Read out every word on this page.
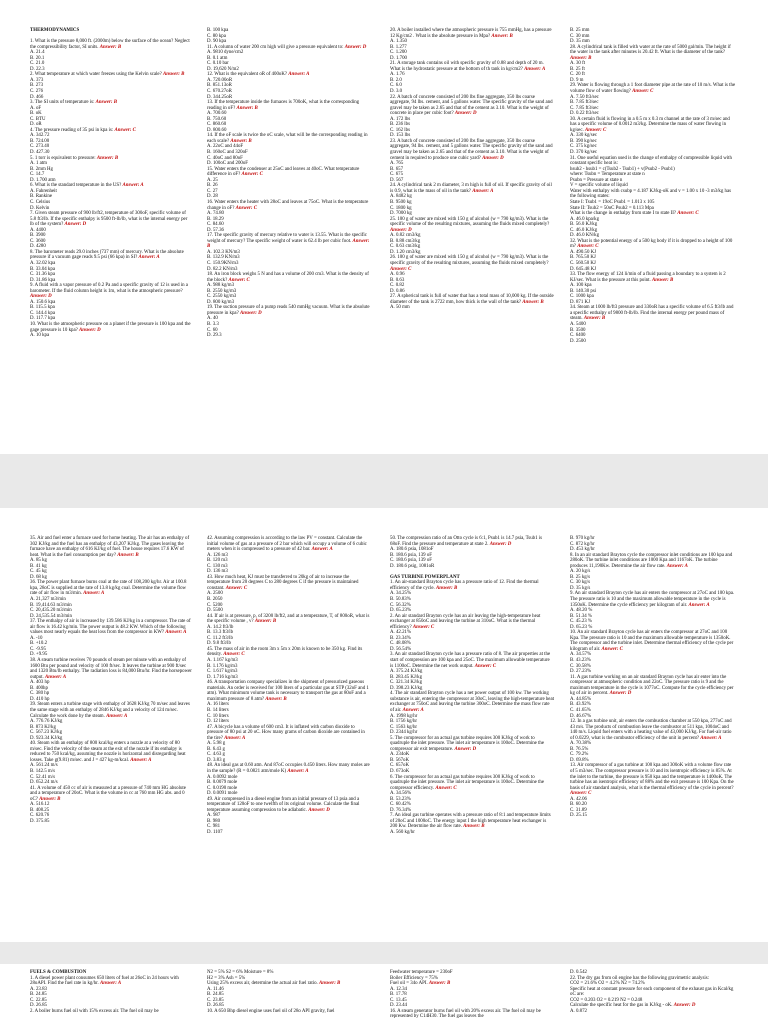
THERMODYNAMICS

1. What is the pressure 8,000 ft. (2000m) below the surface of the ocean? Neglect the compressibility factor, SI units. Answer: B

A. 21.4

B. 20.1

C. 21.0

D. 22.3

2. What temperature at which water freezes using the Kelvin scale? Answer: B

A. 373

B. 273

C. 276

D. 466

3. The SI units of temperature is: Answer: B

A. oF

B. oK

C. BTU

D. oR

4. The pressure reading of 35 psi in kpa is: Answer: C

A. 342.72

B. 724.00

C. 273.40

D. 427.30

5. 1 torr is equivalent to pressure: Answer: B

A. 1 atm

B. 2mm Hg

C. 14.7

D. 1.700 atm

6. What is the standard temperature in the US? Answer: A

A. Fahrenheit

B. Rankine

C. Celsius

D. Kelvin

7. Given steam pressure of 900 lb/ft2, temperature of 300oF, specific volume of 5.8 ft3/lb. If the specific enthalpy is 9500 ft-lb/lb, what is the internal energy per lb of the system? Answer: D

A. 4400

B. 3900

C. 3600

D. 4280

8. The barometer reads 29.0 inches (737 mm) of mercury. What is the absolute pressure if a vacuum gage reads 9.5 psi (66 kpa) in SI? Answer: A

A. 32.02 kpa

B. 33.04 kpa

C. 31.36 kpa

D. 31.86 kpa

9. A fluid with a vapor pressure of 0.2 Pa and a specific gravity of 12 is used in a barometer. If the fluid column height is 1m, what is the atmospheric pressure? Answer: D

A. 150.6 kpa

B. 115.5 kpa

C. 144.4 kpa

D. 117.7 kpa

10. What is the atmospheric pressure on a planet if the pressure is 100 kpa and the gage pressure is 10 kpa? Answer: D

A. 10 kpa

B. 100 kpa

C. 80 kpa

D. 90 kpa

11. A column of water 200 cm high will give a pressure equivalent to: Answer: D

A. 9810 dyne/cm2

B. 0.1 atm

C. 0.10 bar

D. 19,620 N/m2

12. What is the equivalent oR of 400oK? Answer: A

A. 720.00oR

B. 851.13oR

C. 670.27oR

D. 344.25oR

13. If the temperature inside the furnaces is 700oK, what is the corresponding reading in oF? Answer: B

A. 700.60

B. 750.60

C. 860.60

D. 800.60

14. If the oF scale is twice the oC scale, what will be the corresponding reading in each scale? Answer: B

A. 22oC and 44oF

B. 160oC and 320oF

C. 40oC and 80oF

D. 100oC and 200oF

15. Water enters the condenser at 25oC and leaves at 40oC. What temperature difference in oF? Answer: C

A. 25

B. 26

C. 27

D. 28

16. Water enters the heater with 28oC and leaves at 75oC. What is the temperature change in oF? Answer: C

A. 74.80

B. 18.29

C. 84.60

D. 57.36

17. The specific gravity of mercury relative to water is 13.55. What is the specific weight of mercury? The specific weight of water is 62.4 lb per cubic foot. Answer: B

A. 102.3 KN/m3

B. 132.9 KN/m3

C. 150.9KN/m3

D. 82.2 KN/m3

18. An iron block weighs 5 N and has a volume of 200 cm3. What is the density of the block? Answer: C

A. 988 kg/m3

B. 2550 kg/m3

C. 2550 kg/m3

D. 800 kg/m3

19. The suction pressure of a pump reads 540 mmHg vacuum. What is the absolute pressure in kpa? Answer: D

A. 40

B. 3.3

C. 60

D. 29.3

20. A boiler installed where the atmospheric pressure is 755 mmHg, has a pressure 12 Kg/cm2 . What is the absolute pressure in Mpa? Answer: B

A. 1.350

B. 1.277

C. 1.200

D. 1.700

21. A storage tank contains oil with specific gravity of 0.88 and depth of 20 m. What is the hydrostatic pressure at the bottom of th tank in kg/cm2? Answer: A

A. 1.76

B. 2.0

C. 6.0

D. 3.0

22. A batch of concrete consisted of 200 lbs fine aggregate, 350 lbs coarse aggregate, 94 lbs. cement, and 5 gallons water. The specific gravity of the sand and gravel may be taken as 2.65 and that of the cement as 3.10. What is the weight of concrete in place per cubic foot? Answer: D

A. 172 lbs

B. 236 lbs

C. 162 lbs

D. 153 lbs

23. A batch of concrete consisted of 200 lbs fine aggregate, 350 lbs coarse aggregate, 94 lbs. cement, and 5 gallons water. The specific gravity of the sand and gravel may be taken as 2.65 and that of the cement as 3.10. What is the weight of cement in required to produce one cubic yard? Answer: D

A. 765

B. 657

C. 675

D. 567

24. A cylindrical tank 2 m diameter, 3 m high is full of oil. If specific gravity of oil is 0.9, what is the mass of oil in the tank? Answer: A

A. 8482 kg

B. 9500 kg

C. 1800 kg

D. 7000 kg

25. 100 g of water are mixed with 150 g of alcohol (w = 790 kg/m3). What is the specific volume of the resulting mixtures, assuming the fluids mixed completely? Answer: D

A. 0.82 cm3/kg

B. 0.88 cm3/kg

C. 0.63 cm3/kg

D. 1.20 cm3/kg

26. 100 g of water are mixed with 150 g of alcohol (w = 790 kg/m3). What is the specific gravity of the resulting mixtures, assuming the fluids mixed completely? Answer: C

A. 0.96

B. 0.63

C. 0.82

D. 0.86

27. A spherical tank is full of water that has a total mass of 10,000 kg. If the outside diameter of the tank is 2722 mm, how thick is the wall of the tank? Answer: B

A. 50 mm

B. 25 mm

C. 30 mm

D. 35 mm

28. A cylindrical tank is filled with water at the rate of 5000 gal/min. The height if the water in the tank after minutes is 20.42 ft. What is the diameter of the tank? Answer: B

A. 30 ft

B. 25 ft

C. 20 ft

D. 9 m

29. Water is flowing through a 1 foot diameter pipe at the rate of 10 m/s. What is the volume flow of water flowing? Answer: C

A. 7.50 ft3/sec

B. 7.85 ft3/sec

C. 7.85 ft3/sec

D. 0.22 ft3/sec

30. A certain fluid is flowing in a 0.5 m x 0.3 m channel at the rate of 3 m/sec and has a specific volume of 0.0012 m3/kg. Determine the mass of water flowing in kg/sec. Answer: C

A. 330 kg/sec

B. 390 kg/sec

C. 375 kg/sec

D. 370 kg/sec

31. One useful equation used is the change of enthalpy of compressible liquid with constant specific heat is:

hsub2 - hsub1 = c(Tsub2 - Tsub1) + v(Psub2 - Psub1)

where: Tsubn = Temperature at state n

Psubn = Pressure at state n

V = specific volume of liquid

Water with enthalpy with csubp = 4.187 KJ/kg-oK and v = 1.00 x 10 -3 m3/kg has the following states:

State I: Tsub1 = 19oC Psub1 = 1.013 x 105

State II: Tsub2 = 50oC Psub2 = 0.113 Mpa

What is the change in enthalpy from state I to state II? Answer: C

A. 46.0 kpa/kg

B. 56.0 KJ/kg

C. 46.0 KJ/kg

D. 46.0 KN/kg

32. What is the potential energy of a 500 kg body if it is dropped to a height of 100 m? Answer: C

A. 490.50 KJ

B. 765.50 KJ

C. 560.50 KJ

D. 645.48 KJ

33. The flow energy of 124 li/min of a fluid passing a boundary to a system is 2 KJ/sec. What is the pressure at this point. Answer: B

A. 100 kpa

B. 140.30 psi

C. 1000 kpa

D. 871 KJ

34. Steam at 1000 lb/ft3 pressure and 330oR has a specific volume of 6.5 ft3/lb and a specific enthalpy of 9800 ft-lb/lb. Find the internal energy per pound mass of steam. Answer: B

A. 5400

B. 3500

C. 6400

D. 2500

35. Air and fuel enter a furnace used for home heating. The air has an enthalpy of 302 KJ/kg and the fuel has an enthalpy of 43,207 KJ/kg. The gases leaving the furnace have an enthalpy of 616 KJ/kg of fuel. The house requires 17.6 KW of heat. What is the fuel consumption per day? Answer: B

A. 85 kg

B. 41 kg

C. 45 kg

D. 68 kg

36. The power plant furnace burns coal at the rate of 108,200 kg/hr. Air at 100.8 kpa, 28oC is supplied at the rate of 13.8 kg/kg coal. Determine the volume flow rate of air flow in m3/min. Answer: A

A. 21,327 m3/min

B. 19,414.63 m3/min

C. 20,435.20 m3/min

D. 24,535.54 m3/min

37. The enthalpy of air is increased by 139.586 KJ/kg in a compressor. The rate of air flow is 16.42 kg/min. The power output is 48.2 KW. Which of the following values most nearly equals the heat loss from the compressor in KW? Answer: A

A. -10

B. +10.2

C. -9.95

D. +9.95

38. A steam turbine receives 70 pounds of steam per minute with an enthalpy of 1600 Btu per pound and velocity of 100 ft/sec. It leaves the turbine at 900 ft/sec and 1320 Btu/lb enthalpy. The radiation loss is 84,000 Btu/hr. Find the horsepower output. Answer: A

A. 403 hp

B. 400hp

C. 380 hp

D. 410 hp

39. Steam enters a turbine stage with enthalpy of 3628 KJ/kg 70 m/sec and leaves the same stage with an enthalpy of 2846 KJ/kg and a velocity of 124 m/sec. Calculate the work done by the steam. Answer: A

A. 776.76 KJ/kg

B. 873 KJ/kg

C. 567.23 KJ/kg

D. 923.34 KJ/kg

40. Steam with an enthalpy of 800 kcal/kg enters a nozzle at a velocity of 80 m/sec. Find the velocity of the steam at the exit of the nozzle if its enthalpy is reduced to 750 kcal/kg, assuming the nozzle is horizontal and disregarding heat losses. Take g(9.81) m/sec. and J = 427 kg-m/kcal. Answer: A

A. 561.24 m/s

B. 142.5 m/s

C. 52.41 m/s

D. 652.24 m/s

41. A volume of 450 cc of air is measured at a pressure of 740 mm HG absolute and a temperature of 20oC. What is the volume in cc at 760 mm HG abs. and 0 oC? Answer: B

A. 516.12

B. 408.25

C. 620.76

D. 375.85

42. Assuming compression is according to the law PV = constant. Calculate the initial volume of gas at a pressure of 2 bar which will occupy a volume of 6 cubic meters when it is compressed to a pressure of 42 bar. Answer: A

A. 126 m3

B. 120 m3

C. 130 m3

D. 136 m3

43. How much heat, KJ must be transferred to 20kg of air to increase the temperature from 20 degrees C to 280 degrees C if the pressure is maintained constant. Answer: C

A. 2500

B. 2050

C. 5200

D. 5500

44. If air is at pressure, p, of 3200 lb/ft2, and at a temperature, T, of 800oR, what is the specific volume , v? Answer: B

A. 14.2 ft3/lb

B. 13.3 ft3/lb

C. 11.2 ft3/lb

D. 9.8 ft3/lb

45. The mass of air in the room 3m x 5m x 20m is known to be 350 kg. Find its density. Answer: C

A. 1.167 kg/m3

B. 1.176 kg/m3

C. 1.617 kg/m3

D. 1.716 kg/m3

46. A transportation company specializes in the shipment of pressurized gaseous materials. An order is received for 100 liters of a particular gas at STP (32oF and 1 atm). What minimum volume tank is necessary to transport the gas at 80oF and a maximum pressure of 8 atm? Answer: B

A. 16 liters

B. 14 liters

C. 10 liters

D. 12 liters

47. A bicycle has a volume of 600 cm3. It is inflated with carbon dioxide to pressure of 80 psi at 20 oC. How many grams of carbon dioxide are contained in the tire? Answer: A

A. 5.98 g

B. 6.43 g

C. 4.63 g

D. 3.83 g

48. An ideal gas at 0.60 atm. And 87oC occupies 0.450 liters. How many moles are in the sample? (R = 0.0821 atm/mole K) Answer: A

A. 0.0092 mole

B. 0.0079 mole

C. 0.0190 mole

D. 0.0091 mole

49. Air compressed in a diesel engine from an initial pressure of 13 psia and a temperature of 120oF to one twelfth of its original volume. Calculate the final temperature assuming compression to be adiabatic. Answer: D

A. 987

B. 980

C. 981

D. 1107

50. The compression ratio of an Otto cycle is 6:1, Psub1 is 14.7 psia, Tsub1 is 68oF. Find the pressure and temperature at state 2. Answer: D

A. 180.6 psia, 1081oF

B. 180.6 psia, 139 oF

C. 180.6 psia, 139 oF

D. 180.6 psig, 1081oR

GAS TURBINE POWERPLANT

1. An air-standard Brayton cycle has a pressure ratio of 12. Find the thermal efficiency of the cycle. Answer: B

A. 34.25%

B. 50.83%

C. 56.32%

D. 65.23%

2. An air standard Brayton cycle has an air leaving the high-temperature heat exchanger at 850oC and leaving the turbine at 310oC. What is the thermal efficiency? Answer: C

A. 42.21%

B. 23.34%

C. 48.08%

D. 56.54%

3. An air standard Brayton cycle has a pressure ratio of 8. The air properties at the start of compression are 100 kpa and 25oC. The maximum allowable temperature is 1100oC. Determine the net work output. Answer: C

A. 375.24 KJ/kg

B. 283.45 KJ/kg

C. 321.34 KJ/kg

D. 398.23 KJ/kg

4. The air standard Brayton cycle has a net power output of 100 kw. The working substance is air, entering the compressor at 30oC, leaving the high-temperature heat exchanger at 750oC and leaving the turbine 300oC. Determine the mass flow rate of air. Answer: A

A. 1998 kg/hr

B. 1756 kg/hr

C. 1563 kg/hr

D. 2344 kg/hr

5. The compressor for an actual gas turbine requires 300 KJ/kg of work to quadruple the inlet pressure. The inlet air temperature is 100oC. Determine the compressor air exit temperature. Answer: D

A. 234oK

B. 567oK

C. 657oK

D. 673oK

6. The compressor for an actual gas turbine requires 300 KJ/kg of work to quadruple the inlet pressure. The inlet air temperature is 100oC. Determine the compressor efficiency. Answer: C

A. 34.56%

B. 53.23%

C. 60.42%

D. 76.34%

7. An ideal gas turbine operates with a pressure ratio of 8:1 and temperature limits of 20oC and 1000oC. The energy input I the high temperature heat exchanger is 200 Kw. Determine the air flow rate. Answer: B

A. 560 kg/hr

B. 970 kg/hr

C. 872 kg/hr

D. 453 kg/hr

8. In an air standard Brayton cycle the compressor inlet conditions are 100 kpa and 280oK. The turbine inlet conditions are 1000 Kpa and 1167oK. The turbine produces 11,190Kw. Determine the air flow rate. Answer: A

A. 20 kg/s

B. 25 kg/s

C. 30 kg/s

D. 35 kg/s

9. An air standard Brayton cycle has air enters the compressor at 27oC and 100 kpa. The pressure ratio is 10 and the maximum allowable temperature in the cycle is 1350oK. Determine the cycle efficiency per kilogram of air. Answer: A

A. 48.20 %

B. 51.34 %

C. 45.23 %

D. 65.23 %

10. An air standard Brayton cycle has air enters the compressor at 27oC and 100 Kpa. The pressure ratio is 10 and the maximum allowable temperature is 1350oK. The compressor and the turbine inlet. Determine thermal efficiency of the cycle per kilogram of air. Answer: C

A. 34.57%

B. 43.23%

C. 30.58%

D. 27.23%

11. A gas turbine working on an air standard Brayton cycle has air enter into the compressor at atmospheric condition and 22oC. The pressure ratio is 9 and the maximum temperature in the cycle is 1077oC. Compute for the cycle efficiency per kg of air in percent. Answer: D

A. 44.85%

B. 43.92%

C. 41.65%

D. 46.67%

12. In a gas turbine unit, air enters the combustion chamber at 550 kpa, 277oC and 43 m/s. The products of combustion leave the combustor at 511 kpa, 1004oC and 140 m/s. Liquid fuel enters with a heating value of 43,000 KJ/kg. For fuel-air ratio of 0.0229, what is the combustor efficiency of the unit in percent? Answer: A

A. 70.38%

B. 76.5%

C. 79.2%

D. 69.8%

13. Air compressor of a gas turbine at 100 kpa and 300oK with a volume flow rate of 5 m3/sec. The compressor pressure is 10 and its isentropic efficiency is 85%. At the inlet to the turbine, the pressure is 950 kpa and the temperature is 1400oK. The turbine has an isentropic efficiency of 88% and the exit pressure is 100 Kpa. On the basis of air standard analysis, what is the thermal efficiency of the cycle in percent? Answer: C

A. 42.06

B. 60.20

C. 31.89

D. 25.15

FUELS & COMBUSTION

1. A diesel power plant consumes 650 liters of fuel at 26oC in 24 hours with 28oAPI. Find the fuel rate in kg/hr. Answer: A

A. 23.83

B. 24.85

C. 22.85

D. 26.85

2. A boiler burns fuel oil with 15% excess air. The fuel oil may be

N2 = 5% S2 = 6% Moisture = 8%

H2 = 3% Ash = 5%

Using 25% excess air, determine the actual air fuel ratio. Answer: B

A. 11.46

B. 24.85

C. 23.85

D. 26.85

10. A 650 Bhp diesel engine uses fuel oil of 28o API gravity, fuel

Feedwater temperature = 230oF

Boiler Efficiency = 75%

Fuel oil = 34o API. Answer: B

A. 12.34

B. 17.78

C. 13.45

D. 23.44

16. A steam generator burns fuel oil with 20% excess air. The fuel oil may be represented by C14H30. The fuel gas leaves the

D. 0.542

22. The dry gas from oil engine has the following gravimetric analysis:

CO2 = 21.6% O2 = 4.2% N2 = 74.2%

Specific heat at constant pressure for each component of the exhaust gas in Kcal/kg oC are:

CO2 = 0.203 O2 = 0.219 N2 = 0.248

Calculate the specific heat for the gas in KJ/kg - oK. Answer: D

A. 0.872
